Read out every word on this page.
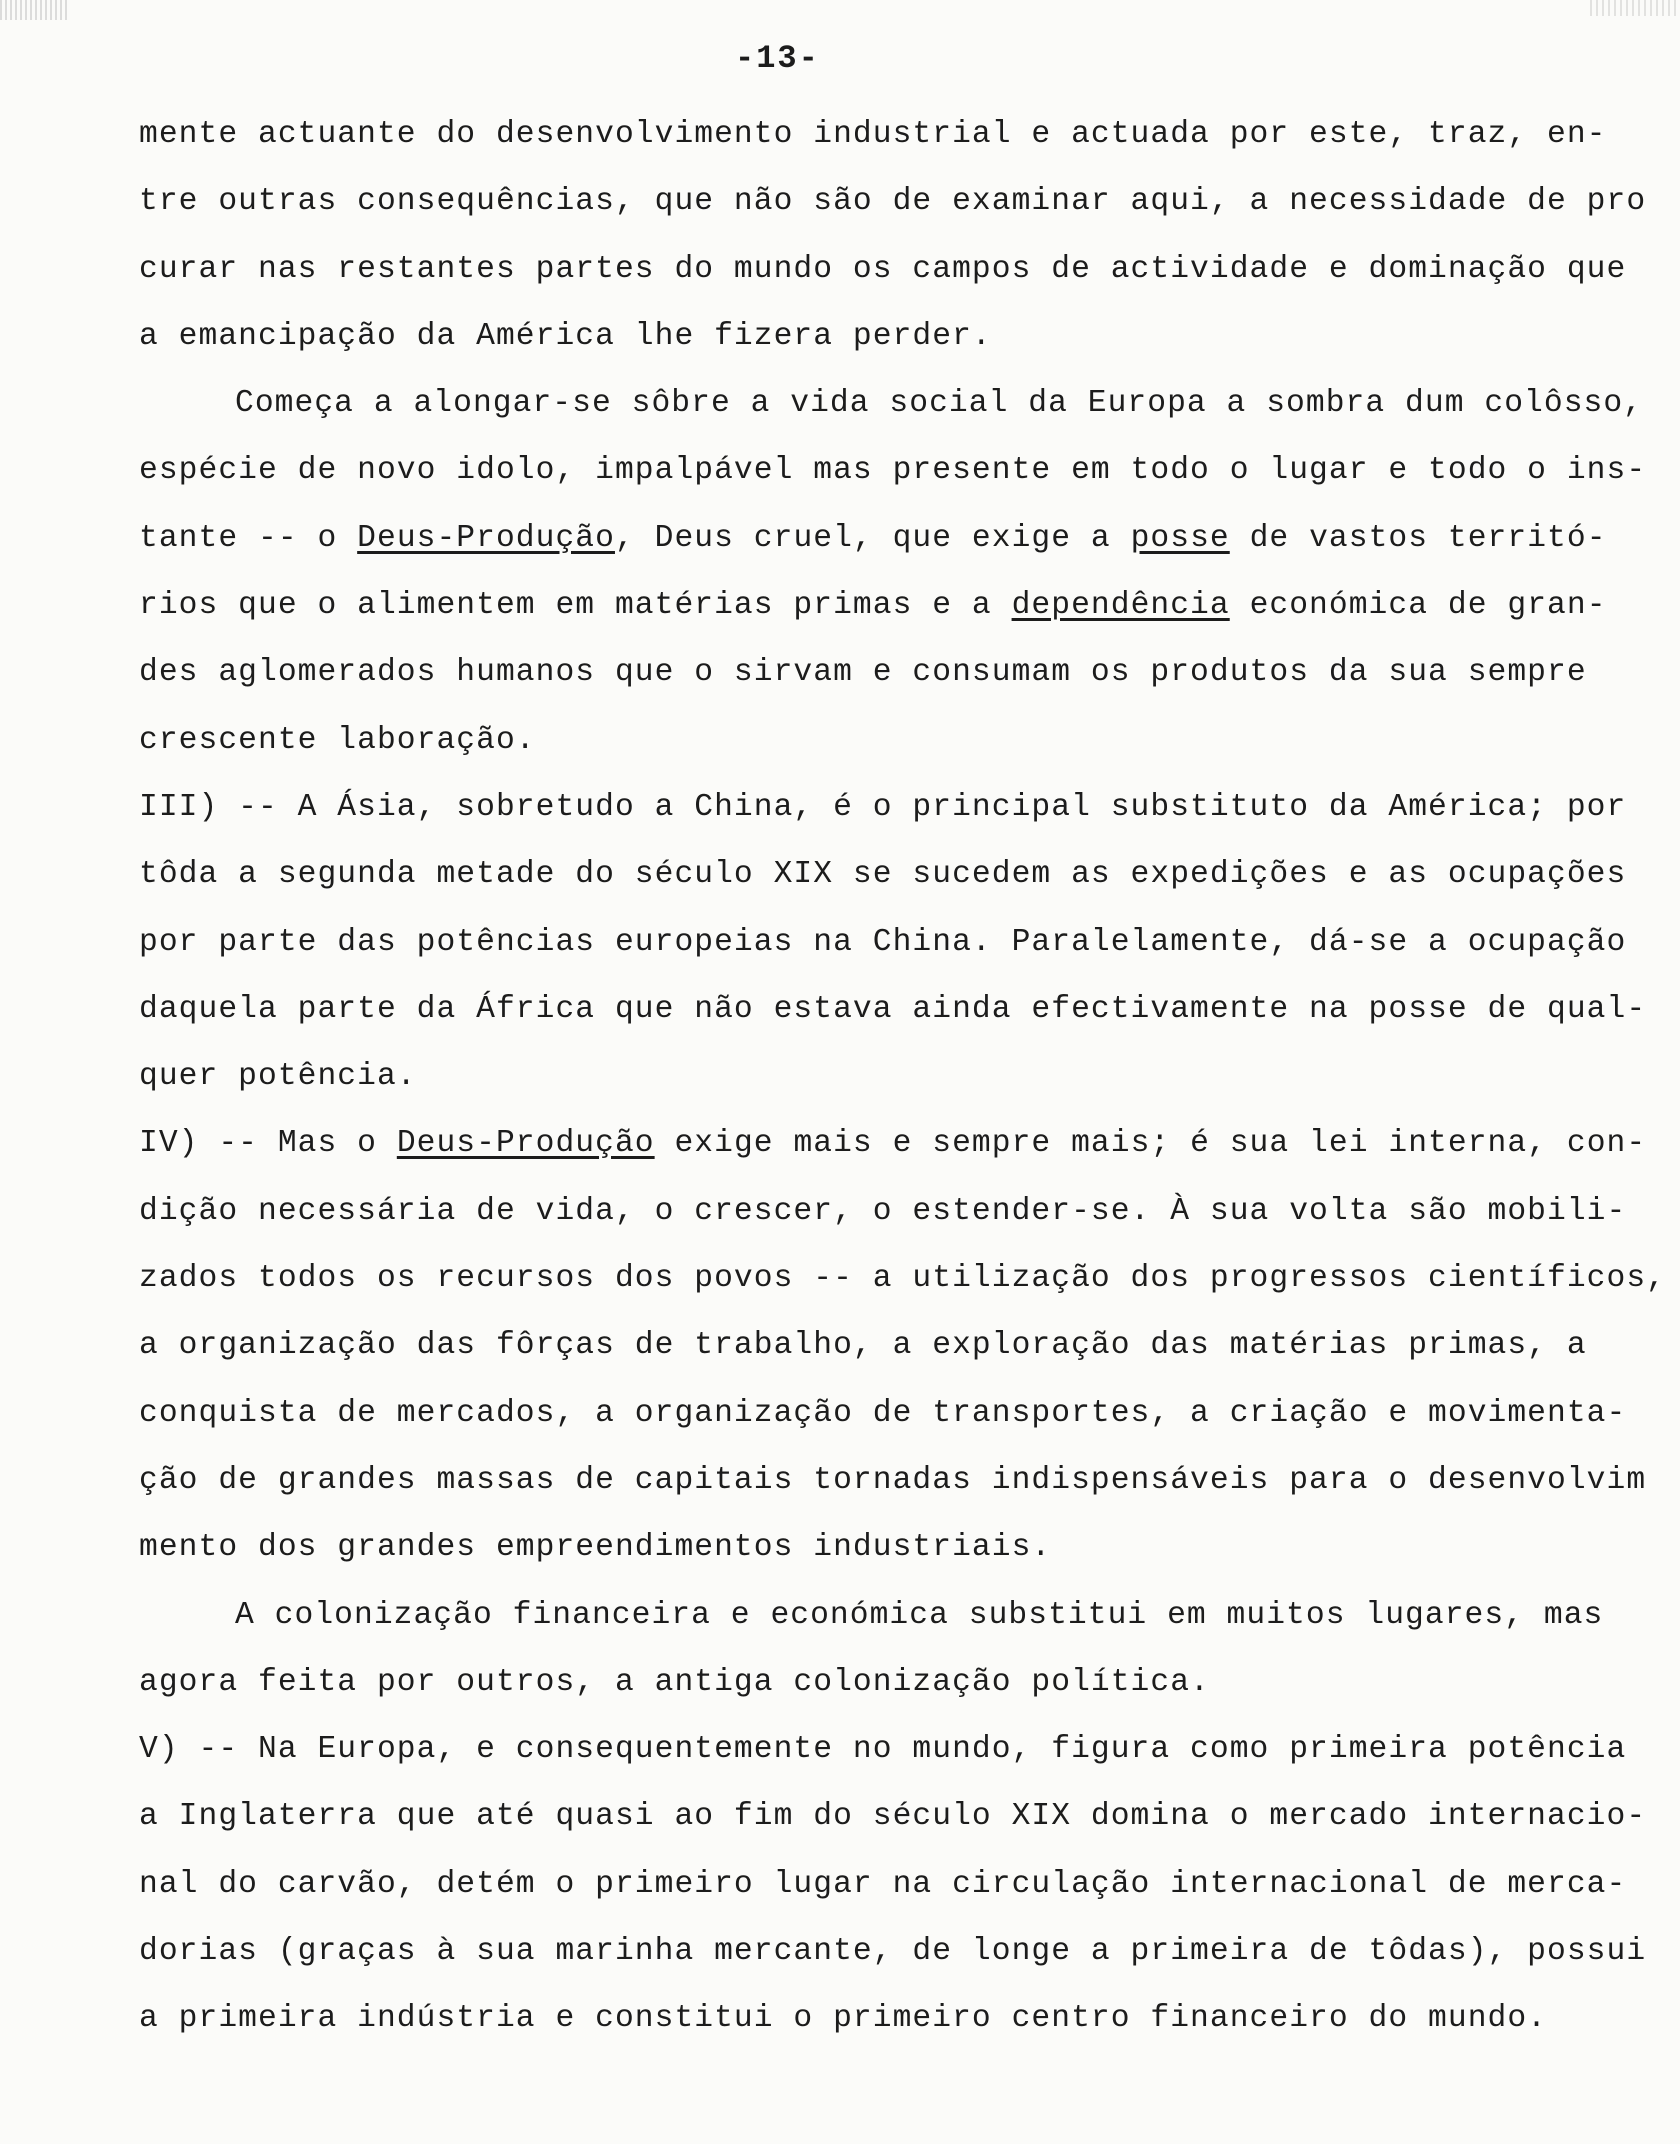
-13-
mente actuante do desenvolvimento industrial e actuada por este, traz, en-
tre outras consequências, que não são de examinar aqui, a necessidade de pro
curar nas restantes partes do mundo os campos de actividade e dominação que
a emancipação da América lhe fizera perder.
Começa a alongar-se sôbre a vida social da Europa a sombra dum colôsso,
espécie de novo idolo, impalpável mas presente em todo o lugar e todo o ins-
tante -- o Deus-Produção, Deus cruel, que exige a posse de vastos territó-
rios que o alimentem em matérias primas e a dependência económica de gran-
des aglomerados humanos que o sirvam e consumam os produtos da sua sempre
crescente laboração.
III) -- A Ásia, sobretudo a China, é o principal substituto da América; por
tôda a segunda metade do século XIX se sucedem as expedições e as ocupações
por parte das potências europeias na China. Paralelamente, dá-se a ocupação
daquela parte da África que não estava ainda efectivamente na posse de qual-
quer potência.
IV) -- Mas o Deus-Produção exige mais e sempre mais; é sua lei interna, con-
dição necessária de vida, o crescer, o estender-se. À sua volta são mobili-
zados todos os recursos dos povos -- a utilização dos progressos científicos,
a organização das fôrças de trabalho, a exploração das matérias primas, a
conquista de mercados, a organização de transportes, a criação e movimenta-
ção de grandes massas de capitais tornadas indispensáveis para o desenvolvim
mento dos grandes empreendimentos industriais.
A colonização financeira e económica substitui em muitos lugares, mas
agora feita por outros, a antiga colonização política.
V) -- Na Europa, e consequentemente no mundo, figura como primeira potência
a Inglaterra que até quasi ao fim do século XIX domina o mercado internacio-
nal do carvão, detém o primeiro lugar na circulação internacional de merca-
dorias (graças à sua marinha mercante, de longe a primeira de tôdas), possui
a primeira indústria e constitui o primeiro centro financeiro do mundo.
